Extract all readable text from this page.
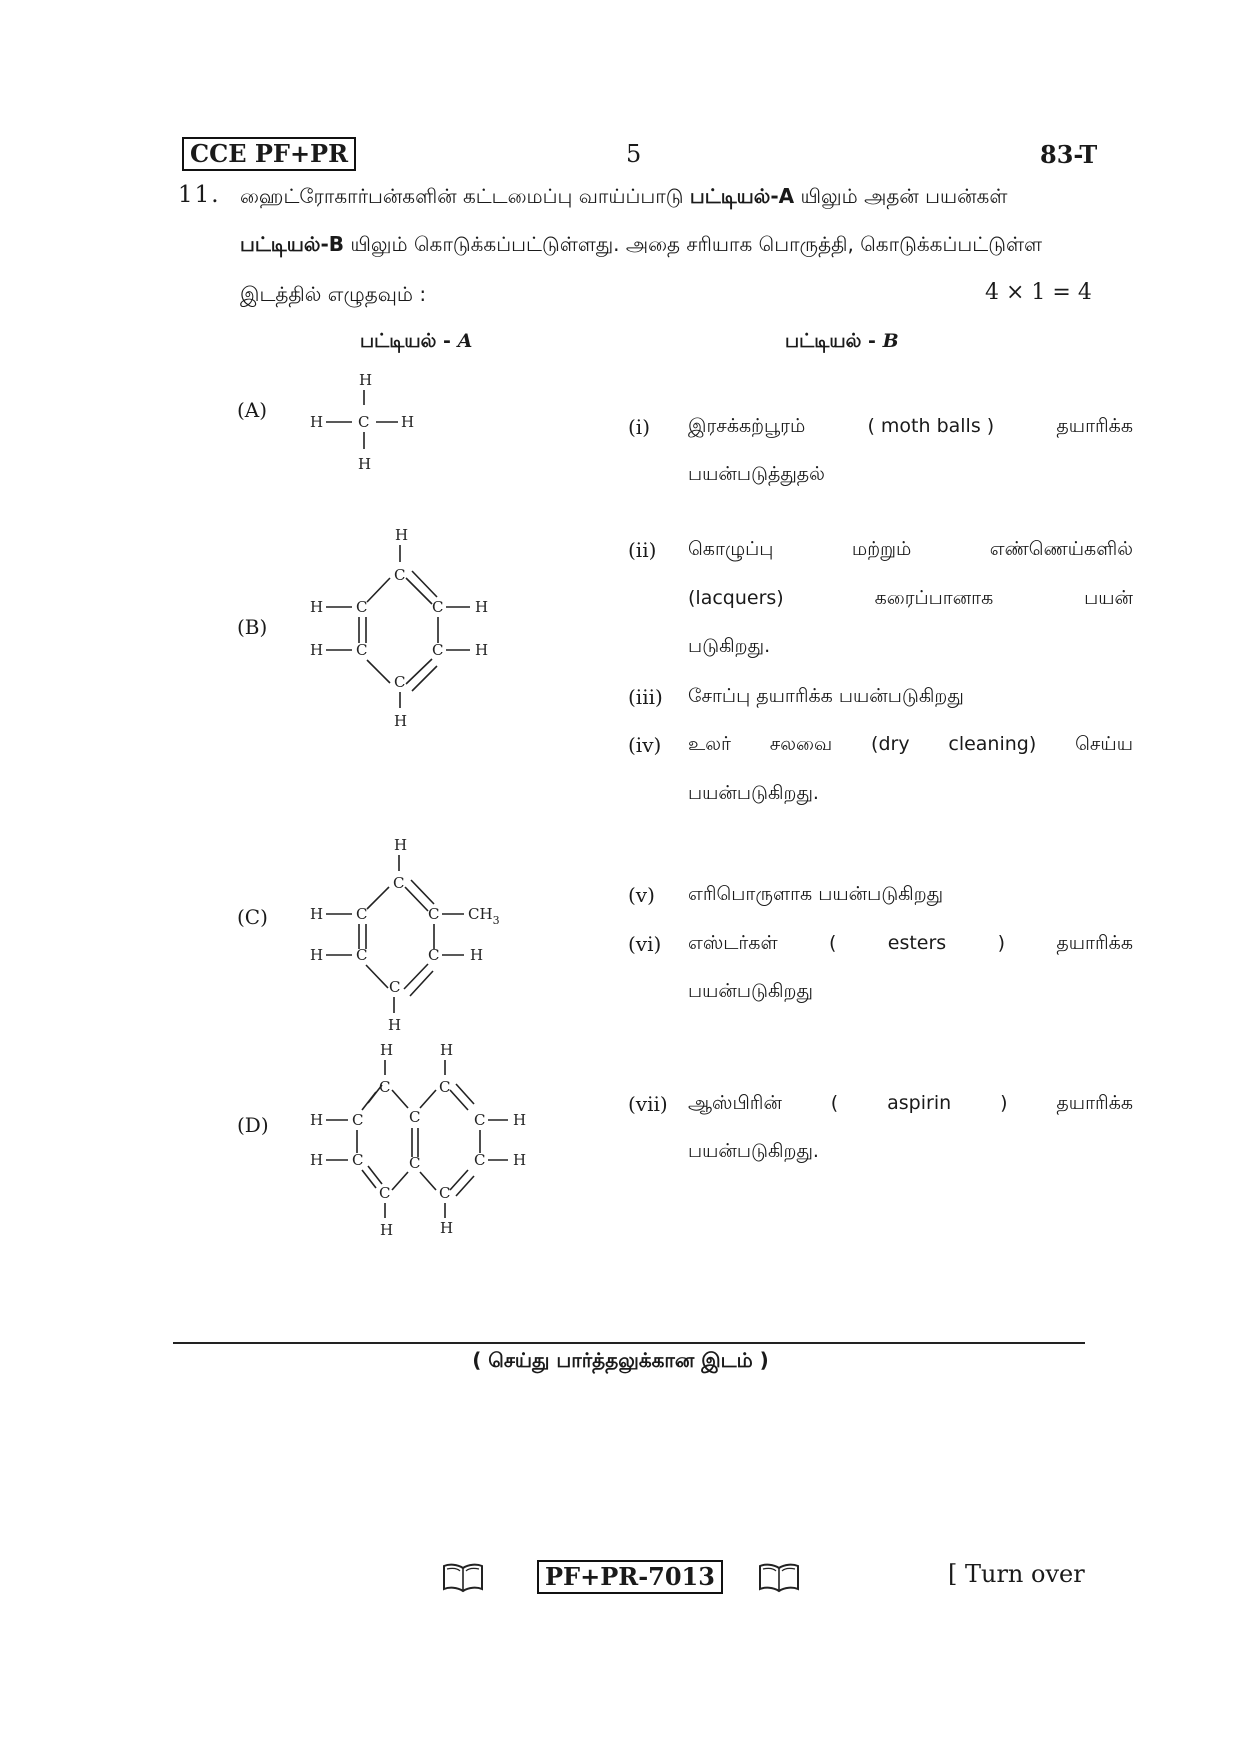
CCE PF+PR	5	83-T
11. ஹைட்ரோகார்பன்களின் கட்டமைப்பு வாய்ப்பாடு பட்டியல்-A யிலும் அதன் பயன்கள்
பட்டியல்-B யிலும் கொடுக்கப்பட்டுள்ளது. அதை சரியாக பொருத்தி, கொடுக்கப்பட்டுள்ள
இடத்தில் எழுதவும் :	4 × 1 = 4
பட்டியல் - A	பட்டியல் - B
(A)
(B)
(C)
(D)
H
H C H
H
H
C
H C	C H
H C	C H
C
H
H
C
H C	C $CH_3$
H C	C H
C
H
H	H
C	C
H C	C	C H
H C	C	C H
C	C
H	H
(i) இரசக்கற்பூரம்	( moth balls )	தயாரிக்க
பயன்படுத்துதல்
(ii) கொழுப்பு	மற்றும்	எண்ணெய்களில்
(lacquers)	கரைப்பானாக	பயன்
படுகிறது.
(iii) சோப்பு தயாரிக்க பயன்படுகிறது
(iv) உலர் சலவை (dry cleaning) செய்ய
பயன்படுகிறது.
(v) எரிபொருளாக பயன்படுகிறது
(vi) எஸ்டர்கள்	(	esters	)	தயாரிக்க
பயன்படுகிறது
(vii) ஆஸ்பிரின்	(	aspirin	)	தயாரிக்க
பயன்படுகிறது.
( செய்து பார்த்தலுக்கான இடம் )
PF+PR-7013	[ Turn over
